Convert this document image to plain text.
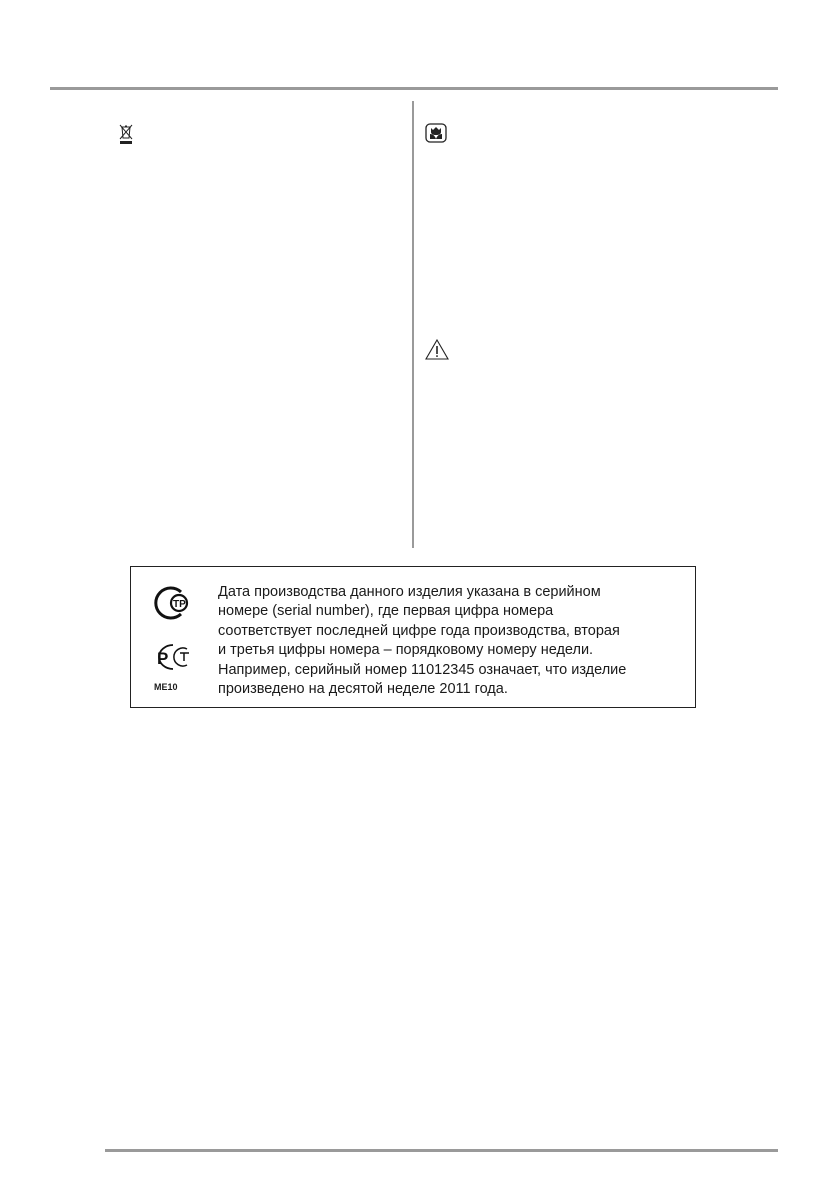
ТР
Р
ME10
Дата производства данного изделия указана в серийном
номере (serial number), где первая цифра номера
соответствует последней цифре года производства, вторая
и третья цифры номера – порядковому номеру недели.
Например, серийный номер 11012345 означает, что изделие
произведено на десятой неделе 2011 года.
